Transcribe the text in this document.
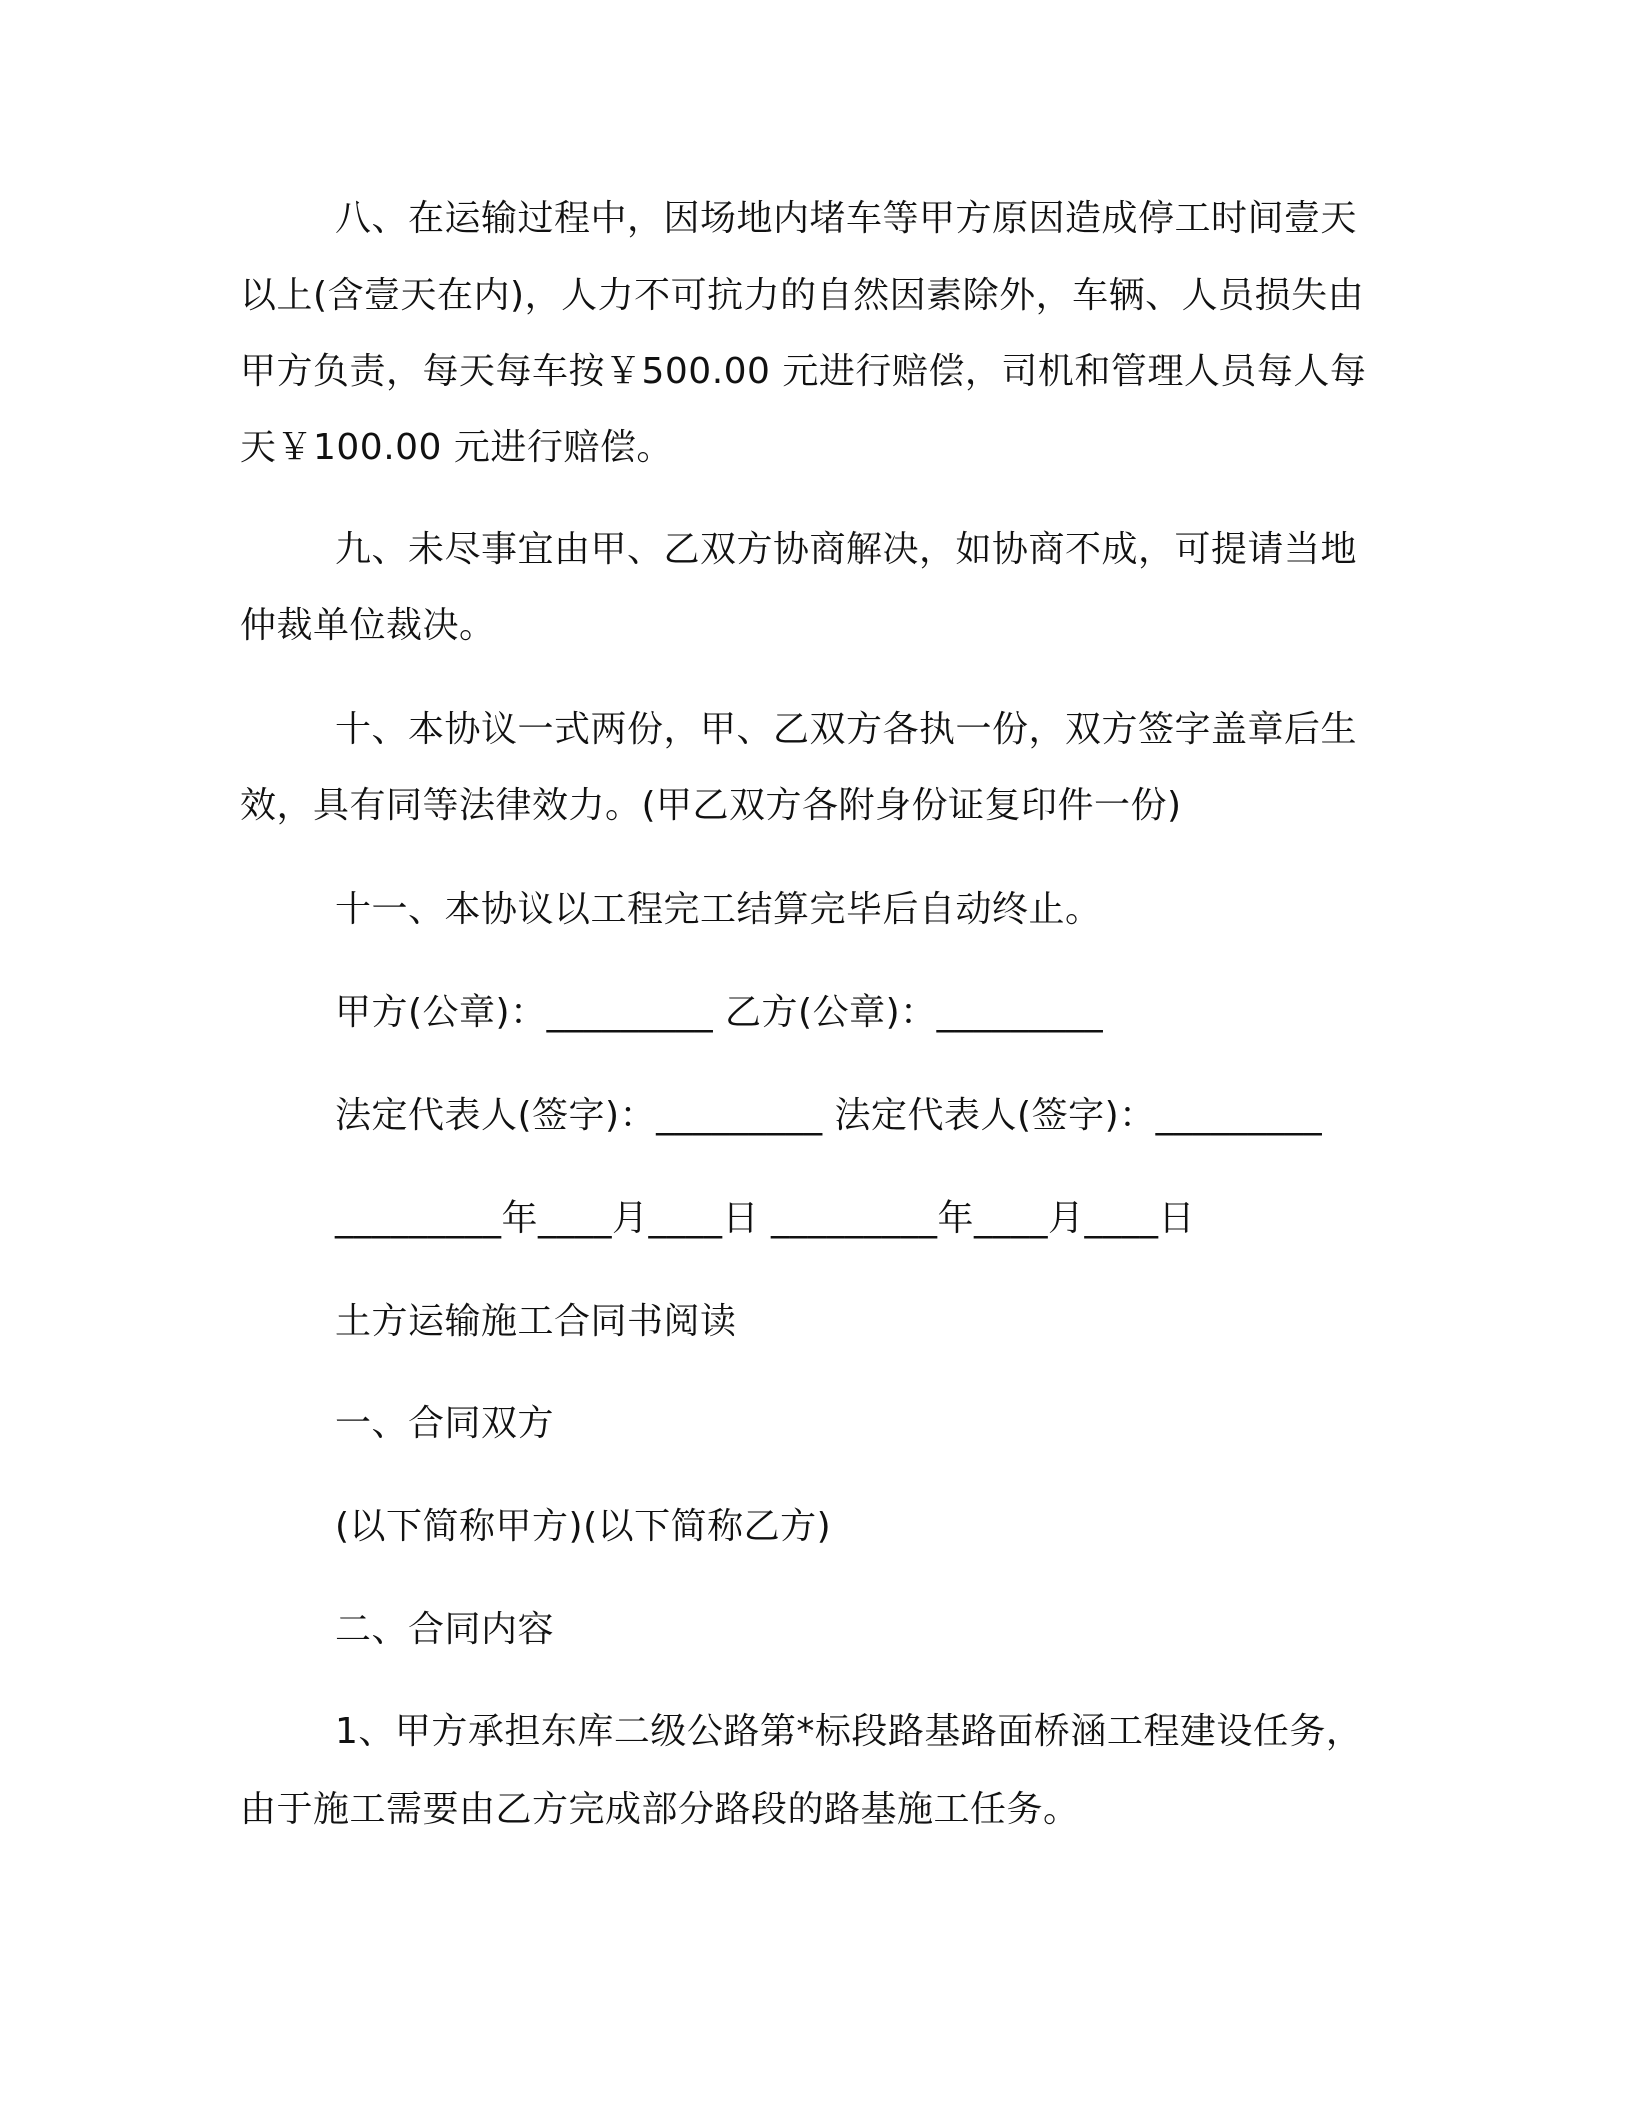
八、在运输过程中，因场地内堵车等甲方原因造成停工时间壹天
以上(含壹天在内)，人力不可抗力的自然因素除外，车辆、人员损失由
甲方负责，每天每车按￥500.00 元进行赔偿，司机和管理人员每人每
天￥100.00 元进行赔偿。
九、未尽事宜由甲、乙双方协商解决，如协商不成，可提请当地
仲裁单位裁决。
十、本协议一式两份，甲、乙双方各执一份，双方签字盖章后生
效，具有同等法律效力。(甲乙双方各附身份证复印件一份)
十一、本协议以工程完工结算完毕后自动终止。
甲方(公章)：_________ 乙方(公章)：_________
法定代表人(签字)：_________ 法定代表人(签字)：_________
_________年____月____日 _________年____月____日
土方运输施工合同书阅读
一、合同双方
(以下简称甲方)(以下简称乙方)
二、合同内容
1、甲方承担东库二级公路第*标段路基路面桥涵工程建设任务，
由于施工需要由乙方完成部分路段的路基施工任务。
